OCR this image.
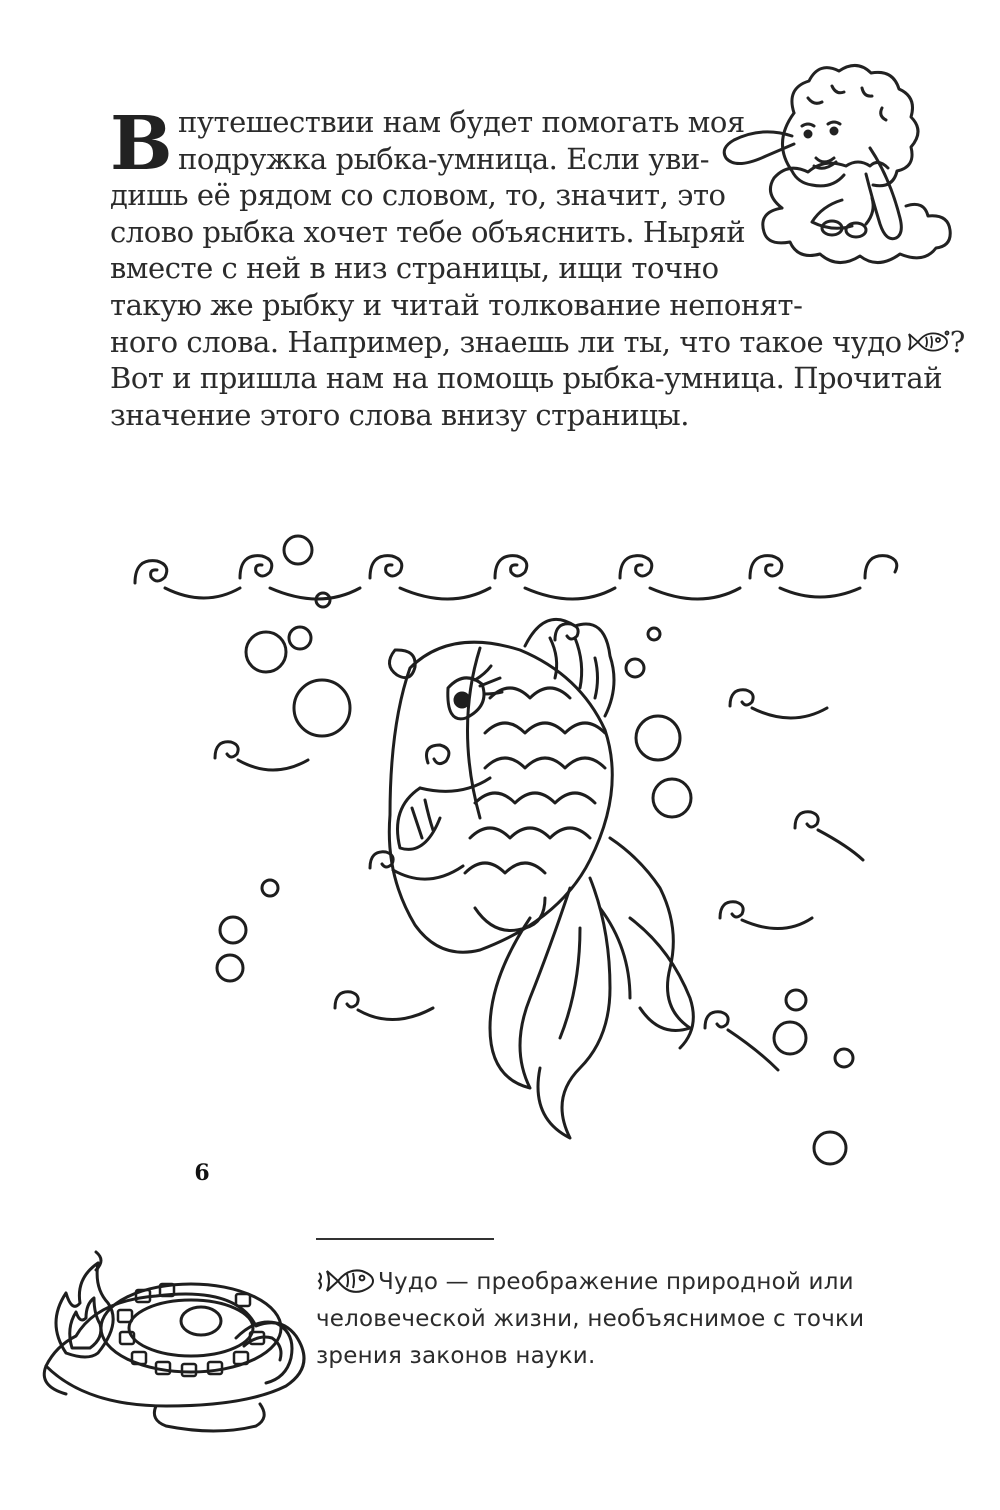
В путешествии нам будет помогать моя
подружка рыбка-умница. Если уви-
дишь её рядом со словом, то, значит, это
слово рыбка хочет тебе объяснить. Ныряй
вместе с ней в низ страницы, ищи точно
такую же рыбку и читай толкование непонят-
ного слова. Например, знаешь ли ты, что такое чудо ?
Вот и пришла нам на помощь рыбка-умница. Прочитай
значение этого слова внизу страницы.
Чудо — преображение природной или
человеческой жизни, необъяснимое с точки
зрения законов науки.
6
